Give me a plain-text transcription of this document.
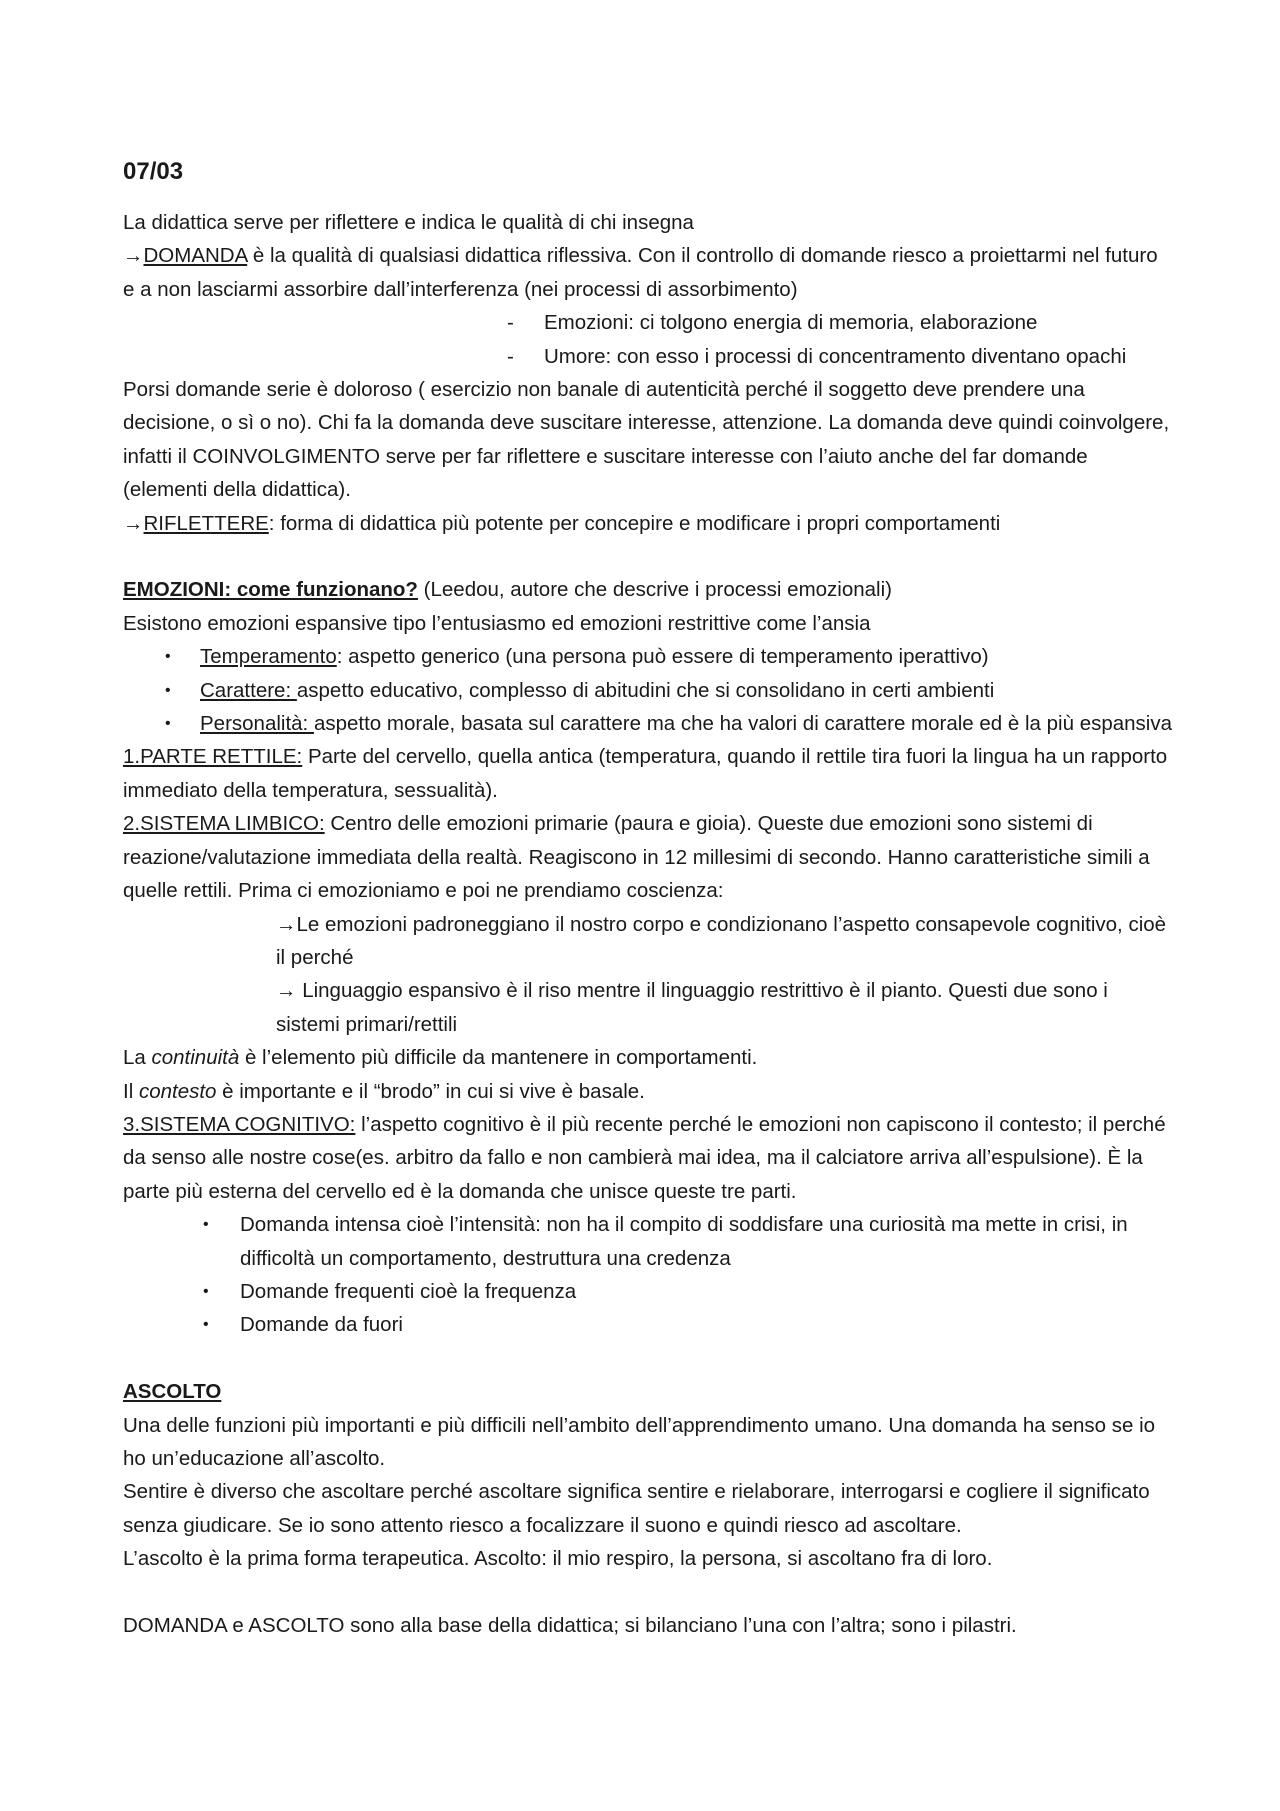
07/03

La didattica serve per riflettere e indica le qualità di chi insegna

→DOMANDA è la qualità di qualsiasi didattica riflessiva. Con il controllo di domande riesco a proiettarmi nel futuro e a non lasciarmi assorbire dall’interferenza (nei processi di assorbimento)

- Emozioni: ci tolgono energia di memoria, elaborazione

- Umore: con esso i processi di concentramento diventano opachi

Porsi domande serie è doloroso ( esercizio non banale di autenticità perché il soggetto deve prendere una decisione, o sì o no). Chi fa la domanda deve suscitare interesse, attenzione. La domanda deve quindi coinvolgere, infatti il COINVOLGIMENTO serve per far riflettere e suscitare interesse con l’aiuto anche del far domande (elementi della didattica).

→RIFLETTERE: forma di didattica più potente per concepire e modificare i propri comportamenti

EMOZIONI: come funzionano? (Leedou, autore che descrive i processi emozionali)

Esistono emozioni espansive tipo l’entusiasmo ed emozioni restrittive come l’ansia

• Temperamento: aspetto generico (una persona può essere di temperamento iperattivo)

• Carattere: aspetto educativo, complesso di abitudini che si consolidano in certi ambienti

• Personalità: aspetto morale, basata sul carattere ma che ha valori di carattere morale ed è la più espansiva

1.PARTE RETTILE: Parte del cervello, quella antica (temperatura, quando il rettile tira fuori la lingua ha un rapporto immediato della temperatura, sessualità).

2.SISTEMA LIMBICO: Centro delle emozioni primarie (paura e gioia). Queste due emozioni sono sistemi di reazione/valutazione immediata della realtà. Reagiscono in 12 millesimi di secondo. Hanno caratteristiche simili a quelle rettili. Prima ci emozioniamo e poi ne prendiamo coscienza:

→Le emozioni padroneggiano il nostro corpo e condizionano l’aspetto consapevole cognitivo, cioè il perché

→ Linguaggio espansivo è il riso mentre il linguaggio restrittivo è il pianto. Questi due sono i sistemi primari/rettili

La continuità è l’elemento più difficile da mantenere in comportamenti.

Il contesto è importante e il “brodo” in cui si vive è basale.

3.SISTEMA COGNITIVO: l’aspetto cognitivo è il più recente perché le emozioni non capiscono il contesto; il perché da senso alle nostre cose(es. arbitro da fallo e non cambierà mai idea, ma il calciatore arriva all’espulsione). È la parte più esterna del cervello ed è la domanda che unisce queste tre parti.

• Domanda intensa cioè l’intensità: non ha il compito di soddisfare una curiosità ma mette in crisi, in difficoltà un comportamento, destruttura una credenza

• Domande frequenti cioè la frequenza

• Domande da fuori

ASCOLTO

Una delle funzioni più importanti e più difficili nell’ambito dell’apprendimento umano. Una domanda ha senso se io ho un’educazione all’ascolto.

Sentire è diverso che ascoltare perché ascoltare significa sentire e rielaborare, interrogarsi e cogliere il significato senza giudicare. Se io sono attento riesco a focalizzare il suono e quindi riesco ad ascoltare.

L’ascolto è la prima forma terapeutica. Ascolto: il mio respiro, la persona, si ascoltano fra di loro.

DOMANDA e ASCOLTO sono alla base della didattica; si bilanciano l’una con l’altra; sono i pilastri.
